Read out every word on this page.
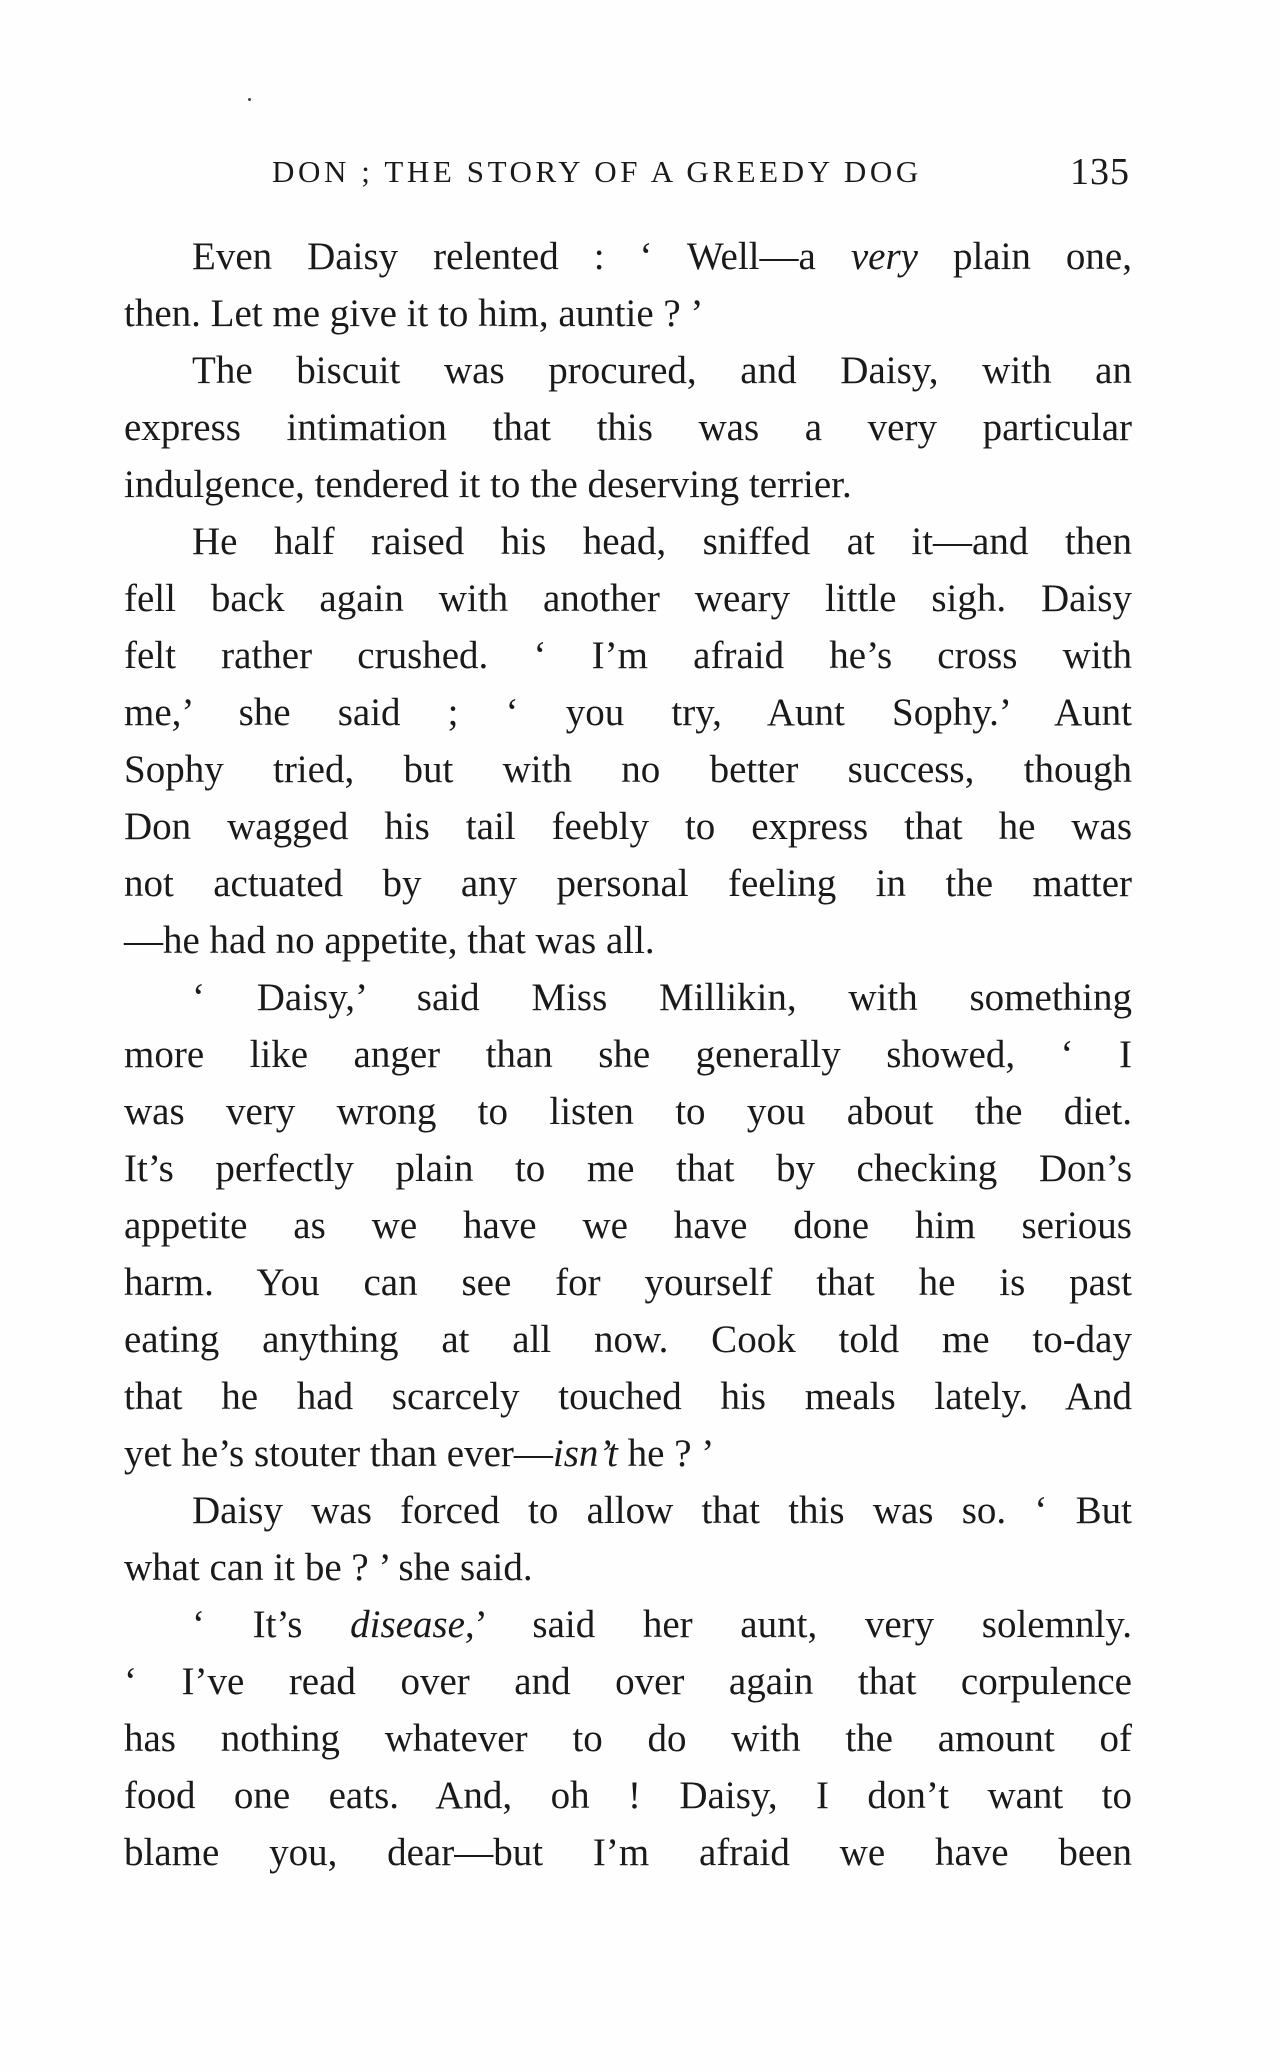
DON ; THE STORY OF A GREEDY DOG	135
Even Daisy relented : ‘ Well—a very plain one,
then. Let me give it to him, auntie ? ’
The biscuit was procured, and Daisy, with an
express intimation that this was a very particular
indulgence, tendered it to the deserving terrier.
He half raised his head, sniffed at it—and then
fell back again with another weary little sigh. Daisy
felt rather crushed. ‘ I’m afraid he’s cross with
me,’ she said ; ‘ you try, Aunt Sophy.’ Aunt
Sophy tried, but with no better success, though
Don wagged his tail feebly to express that he was
not actuated by any personal feeling in the matter
—he had no appetite, that was all.
‘ Daisy,’ said Miss Millikin, with something
more like anger than she generally showed, ‘ I
was very wrong to listen to you about the diet.
It’s perfectly plain to me that by checking Don’s
appetite as we have we have done him serious
harm. You can see for yourself that he is past
eating anything at all now. Cook told me to-day
that he had scarcely touched his meals lately. And
yet he’s stouter than ever—isn’t he ? ’
Daisy was forced to allow that this was so. ‘ But
what can it be ? ’ she said.
‘ It’s disease,’ said her aunt, very solemnly.
‘ I’ve read over and over again that corpulence
has nothing whatever to do with the amount of
food one eats. And, oh ! Daisy, I don’t want to
blame you, dear—but I’m afraid we have been
